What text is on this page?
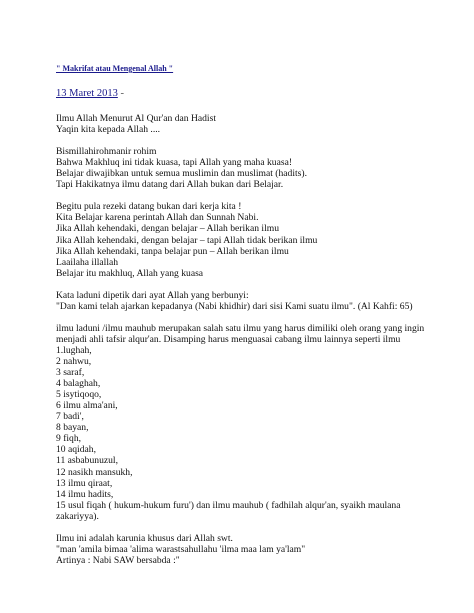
" Makrifat atau Mengenal Allah "
13 Maret 2013 -
Ilmu Allah Menurut Al Qur'an dan Hadist
Yaqin kita kepada Allah ....
Bismillahirohmanir rohim
Bahwa Makhluq ini tidak kuasa, tapi Allah yang maha kuasa!
Belajar diwajibkan untuk semua muslimin dan muslimat (hadits).
Tapi Hakikatnya ilmu datang dari Allah bukan dari Belajar.
Begitu pula rezeki datang bukan dari kerja kita !
Kita Belajar karena perintah Allah dan Sunnah Nabi.
Jika Allah kehendaki, dengan belajar – Allah berikan ilmu
Jika Allah kehendaki, dengan belajar – tapi Allah tidak berikan ilmu
Jika Allah kehendaki, tanpa belajar pun – Allah berikan ilmu
Laailaha illallah
Belajar itu makhluq, Allah yang kuasa
Kata laduni dipetik dari ayat Allah yang berbunyi:
"Dan kami telah ajarkan kepadanya (Nabi khidhir) dari sisi Kami suatu ilmu". (Al Kahfi: 65)
ilmu laduni /ilmu mauhub merupakan salah satu ilmu yang harus dimiliki oleh orang yang ingin
menjadi ahli tafsir alqur'an. Disamping harus menguasai cabang ilmu lainnya seperti ilmu
1.lughah,
2 nahwu,
3 saraf,
4 balaghah,
5 isytiqoqo,
6 ilmu alma'ani,
7 badi',
8 bayan,
9 fiqh,
10 aqidah,
11 asbabunuzul,
12 nasikh mansukh,
13 ilmu qiraat,
14 ilmu hadits,
15 usul fiqah ( hukum-hukum furu') dan ilmu mauhub ( fadhilah alqur'an, syaikh maulana
zakariyya).
Ilmu ini adalah karunia khusus dari Allah swt.
"man 'amila bimaa 'alima warastsahullahu 'ilma maa lam ya'lam"
Artinya : Nabi SAW bersabda :"
